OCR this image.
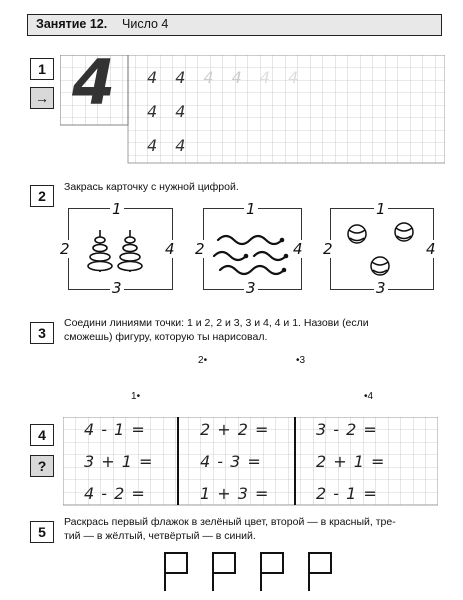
Занятие 12. Число 4
1
→ 4 4 4 4 4 4 4
4 4
4 4
2
Закрась карточку с нужной цифрой.
1
2	4
3
1
2	4
3
1
2	4
3
3
Соедини линиями точки: 1 и 2, 2 и 3, 3 и 4, 4 и 1. Назови (если
сможешь) фигуру, которую ты нарисовал.
2•	•3
1•	•4
4
?
4 - 1 =	2 + 2 =	3 - 2 =
3 + 1 =	4 - 3 =	2 + 1 =
4 - 2 =	1 + 3 =	2 - 1 =
5
Раскрась первый флажок в зелёный цвет, второй — в красный, тре-
тий — в жёлтый, четвёртый — в синий.
